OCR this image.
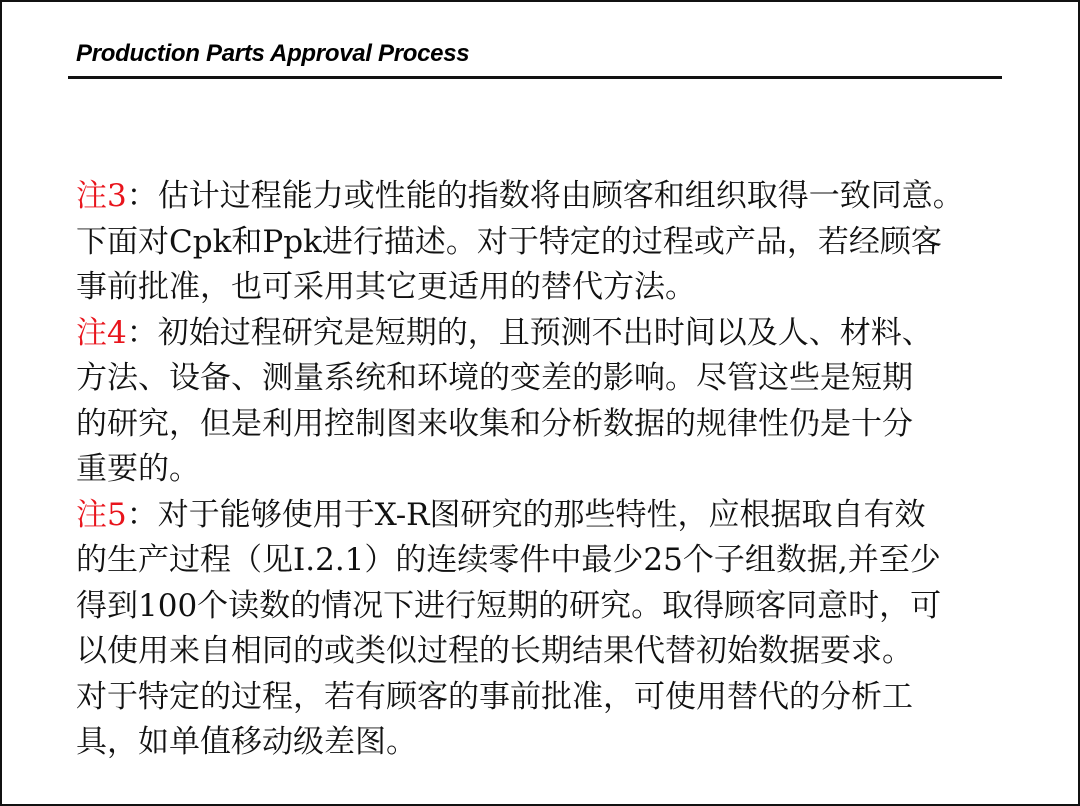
Production Parts Approval Process
注3：估计过程能力或性能的指数将由顾客和组织取得一致同意。
下面对Cpk和Ppk进行描述。对于特定的过程或产品，若经顾客
事前批准，也可采用其它更适用的替代方法。
注4：初始过程研究是短期的，且预测不出时间以及人、材料、
方法、设备、测量系统和环境的变差的影响。尽管这些是短期
的研究，但是利用控制图来收集和分析数据的规律性仍是十分
重要的。
注5：对于能够使用于X-R图研究的那些特性，应根据取自有效
的生产过程（见Ⅰ.2.1）的连续零件中最少25个子组数据,并至少
得到100个读数的情况下进行短期的研究。取得顾客同意时，可
以使用来自相同的或类似过程的长期结果代替初始数据要求。
对于特定的过程，若有顾客的事前批准，可使用替代的分析工
具，如单值移动级差图。
